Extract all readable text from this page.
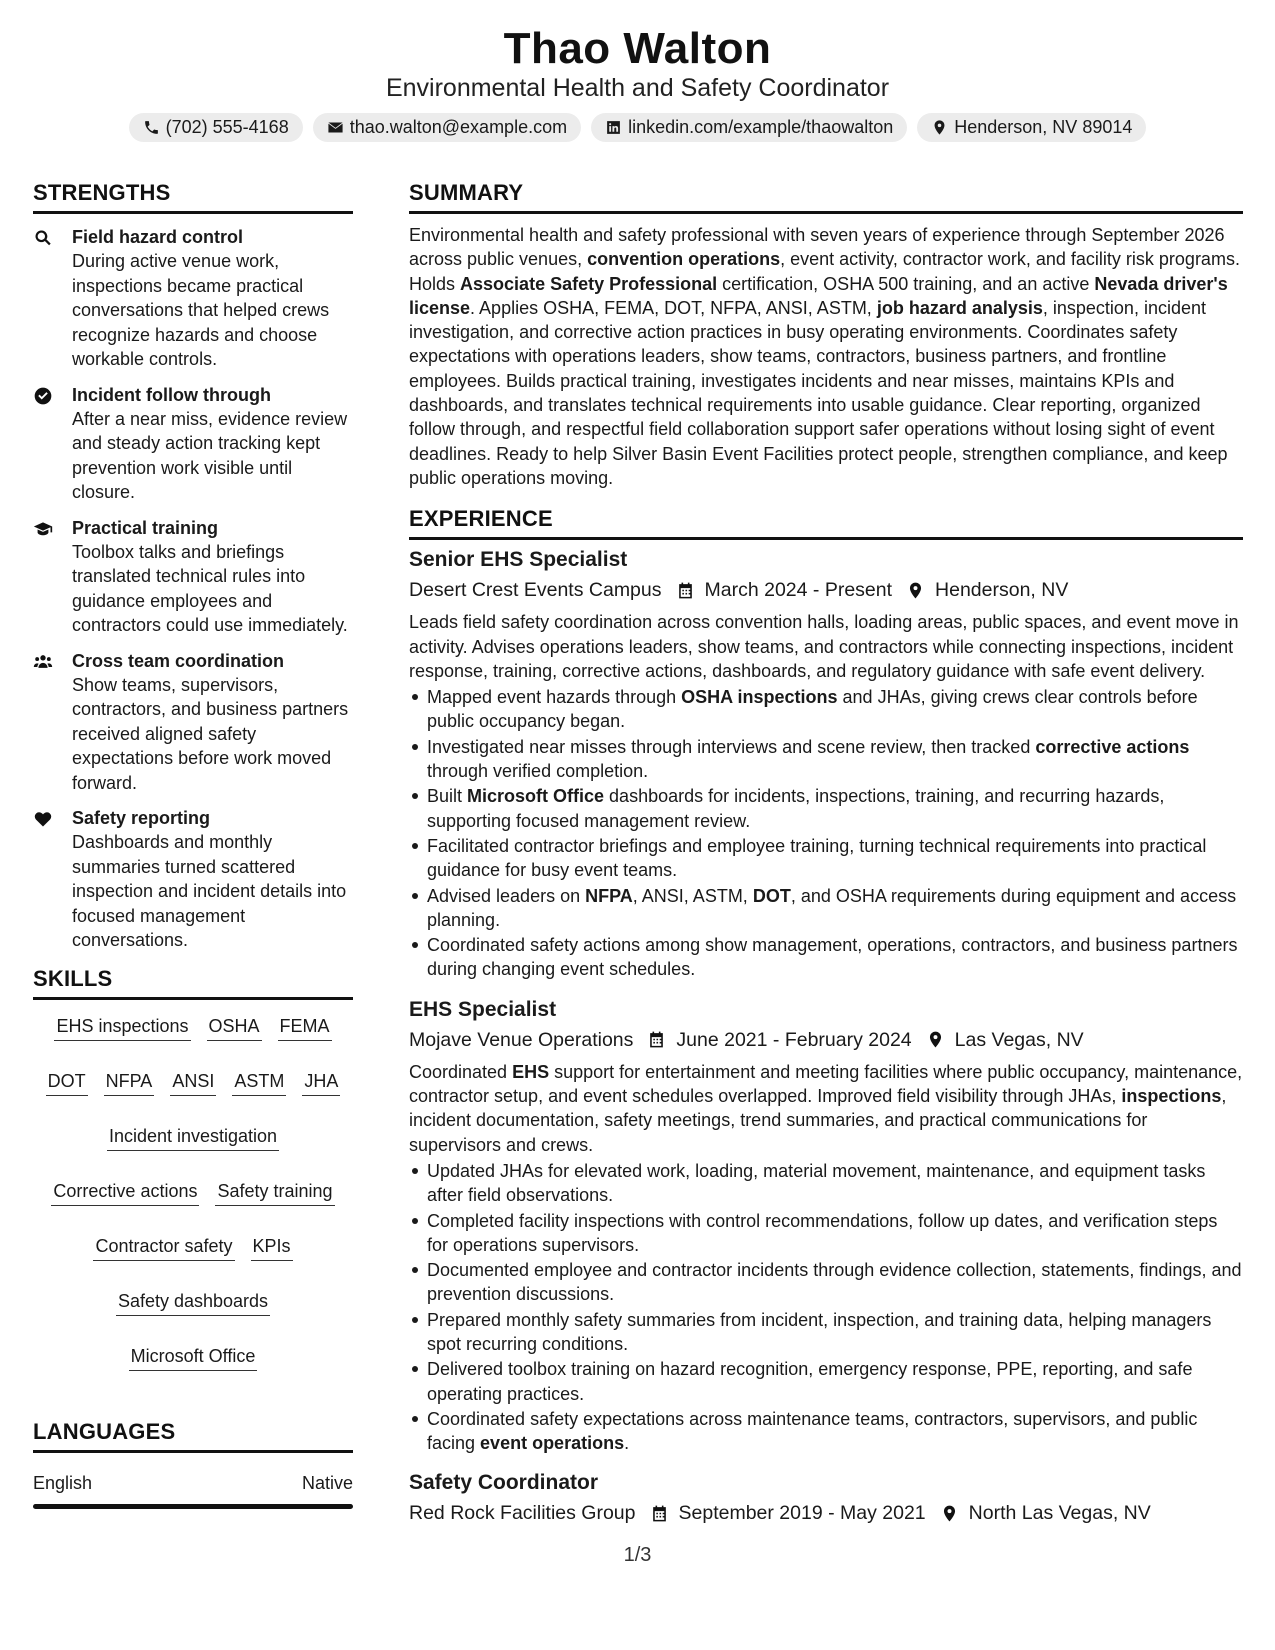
Thao Walton
Environmental Health and Safety Coordinator
(702) 555-4168	thao.walton@example.com	linkedin.com/example/thaowalton	Henderson, NV 89014
STRENGTHS
Field hazard control
During active venue work, inspections became practical conversations that helped crews recognize hazards and choose workable controls.
Incident follow through
After a near miss, evidence review and steady action tracking kept prevention work visible until closure.
Practical training
Toolbox talks and briefings translated technical rules into guidance employees and contractors could use immediately.
Cross team coordination
Show teams, supervisors, contractors, and business partners received aligned safety expectations before work moved forward.
Safety reporting
Dashboards and monthly summaries turned scattered inspection and incident details into focused management conversations.
SKILLS
EHS inspections OSHA FEMA
DOT NFPA ANSI ASTM JHA
Incident investigation
Corrective actions Safety training
Contractor safety KPIs
Safety dashboards
Microsoft Office
LANGUAGES
English	Native
SUMMARY
Environmental health and safety professional with seven years of experience through September 2026 across public venues, convention operations, event activity, contractor work, and facility risk programs. Holds Associate Safety Professional certification, OSHA 500 training, and an active Nevada driver's license. Applies OSHA, FEMA, DOT, NFPA, ANSI, ASTM, job hazard analysis, inspection, incident investigation, and corrective action practices in busy operating environments. Coordinates safety expectations with operations leaders, show teams, contractors, business partners, and frontline employees. Builds practical training, investigates incidents and near misses, maintains KPIs and dashboards, and translates technical requirements into usable guidance. Clear reporting, organized follow through, and respectful field collaboration support safer operations without losing sight of event deadlines. Ready to help Silver Basin Event Facilities protect people, strengthen compliance, and keep public operations moving.
EXPERIENCE
Senior EHS Specialist
Desert Crest Events Campus March 2024 - Present Henderson, NV
Leads field safety coordination across convention halls, loading areas, public spaces, and event move in activity. Advises operations leaders, show teams, and contractors while connecting inspections, incident response, training, corrective actions, dashboards, and regulatory guidance with safe event delivery.
Mapped event hazards through OSHA inspections and JHAs, giving crews clear controls before public occupancy began.
Investigated near misses through interviews and scene review, then tracked corrective actions through verified completion.
Built Microsoft Office dashboards for incidents, inspections, training, and recurring hazards, supporting focused management review.
Facilitated contractor briefings and employee training, turning technical requirements into practical guidance for busy event teams.
Advised leaders on NFPA, ANSI, ASTM, DOT, and OSHA requirements during equipment and access planning.
Coordinated safety actions among show management, operations, contractors, and business partners during changing event schedules.
EHS Specialist
Mojave Venue Operations June 2021 - February 2024 Las Vegas, NV
Coordinated EHS support for entertainment and meeting facilities where public occupancy, maintenance, contractor setup, and event schedules overlapped. Improved field visibility through JHAs, inspections, incident documentation, safety meetings, trend summaries, and practical communications for supervisors and crews.
Updated JHAs for elevated work, loading, material movement, maintenance, and equipment tasks after field observations.
Completed facility inspections with control recommendations, follow up dates, and verification steps for operations supervisors.
Documented employee and contractor incidents through evidence collection, statements, findings, and prevention discussions.
Prepared monthly safety summaries from incident, inspection, and training data, helping managers spot recurring conditions.
Delivered toolbox training on hazard recognition, emergency response, PPE, reporting, and safe operating practices.
Coordinated safety expectations across maintenance teams, contractors, supervisors, and public facing event operations.
Safety Coordinator
Red Rock Facilities Group September 2019 - May 2021 North Las Vegas, NV
1/3
